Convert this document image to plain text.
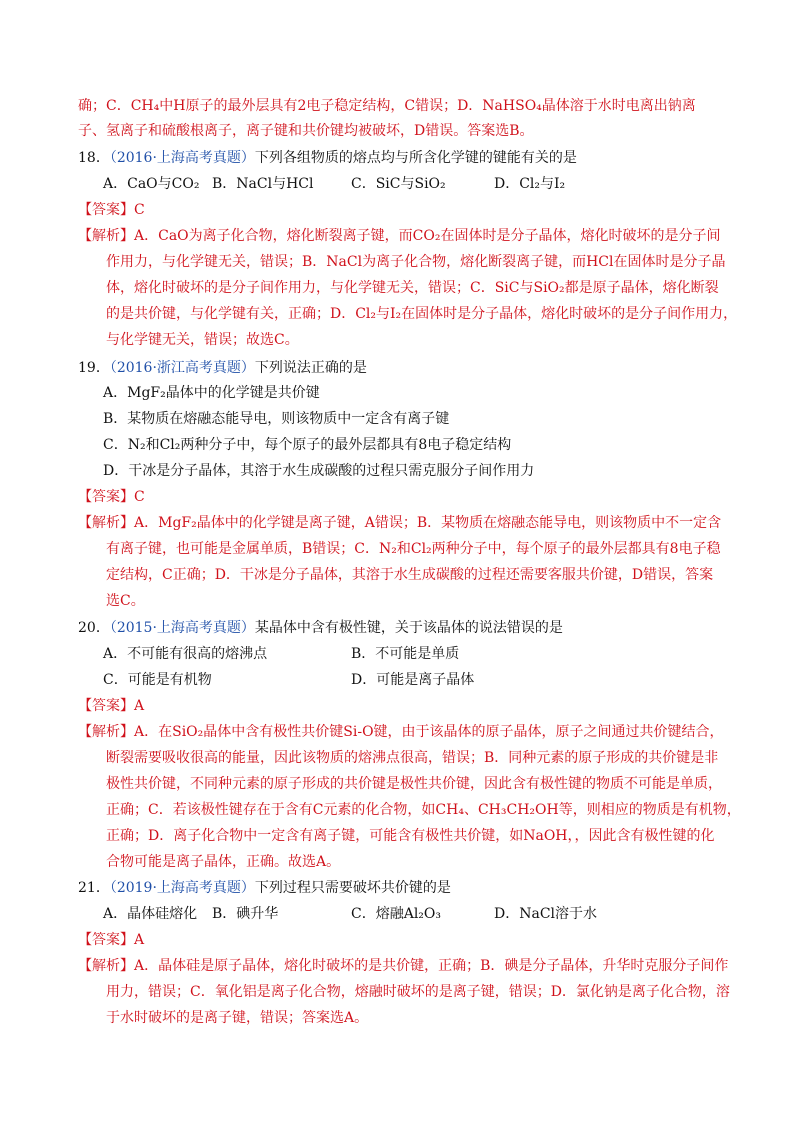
确；C．CH₄中H原子的最外层具有2电子稳定结构，C错误；D．NaHSO₄晶体溶于水时电离出钠离
子、氢离子和硫酸根离子，离子键和共价键均被破坏，D错误。答案选B。
18．（2016·上海高考真题）下列各组物质的熔点均与所含化学键的键能有关的是
A．CaO与CO₂ B．NaCl与HCl	C．SiC与SiO₂	D．Cl₂与I₂
【答案】C
【解析】A．CaO为离子化合物，熔化断裂离子键，而CO₂在固体时是分子晶体，熔化时破坏的是分子间
作用力，与化学键无关，错误；B．NaCl为离子化合物，熔化断裂离子键，而HCl在固体时是分子晶
体，熔化时破坏的是分子间作用力，与化学键无关，错误；C．SiC与SiO₂都是原子晶体，熔化断裂
的是共价键，与化学键有关，正确；D．Cl₂与I₂在固体时是分子晶体，熔化时破坏的是分子间作用力，
与化学键无关，错误；故选C。
19．（2016·浙江高考真题）下列说法正确的是
A．MgF₂晶体中的化学键是共价键
B．某物质在熔融态能导电，则该物质中一定含有离子键
C．N₂和Cl₂两种分子中，每个原子的最外层都具有8电子稳定结构
D．干冰是分子晶体，其溶于水生成碳酸的过程只需克服分子间作用力
【答案】C
【解析】A．MgF₂晶体中的化学键是离子键，A错误；B．某物质在熔融态能导电，则该物质中不一定含
有离子键，也可能是金属单质，B错误；C．N₂和Cl₂两种分子中，每个原子的最外层都具有8电子稳
定结构，C正确；D．干冰是分子晶体，其溶于水生成碳酸的过程还需要客服共价键，D错误，答案
选C。
20．（2015·上海高考真题）某晶体中含有极性键，关于该晶体的说法错误的是
A．不可能有很高的熔沸点	B．不可能是单质
C．可能是有机物	D．可能是离子晶体
【答案】A
【解析】A．在SiO₂晶体中含有极性共价键Si-O键，由于该晶体的原子晶体，原子之间通过共价键结合，
断裂需要吸收很高的能量，因此该物质的熔沸点很高，错误；B．同种元素的原子形成的共价键是非
极性共价键，不同种元素的原子形成的共价键是极性共价键，因此含有极性键的物质不可能是单质，
正确；C．若该极性键存在于含有C元素的化合物，如CH₄、CH₃CH₂OH等，则相应的物质是有机物，
正确；D．离子化合物中一定含有离子键，可能含有极性共价键，如NaOH，，因此含有极性键的化
合物可能是离子晶体，正确。故选A。
21．（2019·上海高考真题）下列过程只需要破坏共价键的是
A．晶体硅熔化 B．碘升华	C．熔融Al₂O₃	D．NaCl溶于水
【答案】A
【解析】A．晶体硅是原子晶体，熔化时破坏的是共价键，正确；B．碘是分子晶体，升华时克服分子间作
用力，错误；C．氧化铝是离子化合物，熔融时破坏的是离子键，错误；D．氯化钠是离子化合物，溶
于水时破坏的是离子键，错误；答案选A。
